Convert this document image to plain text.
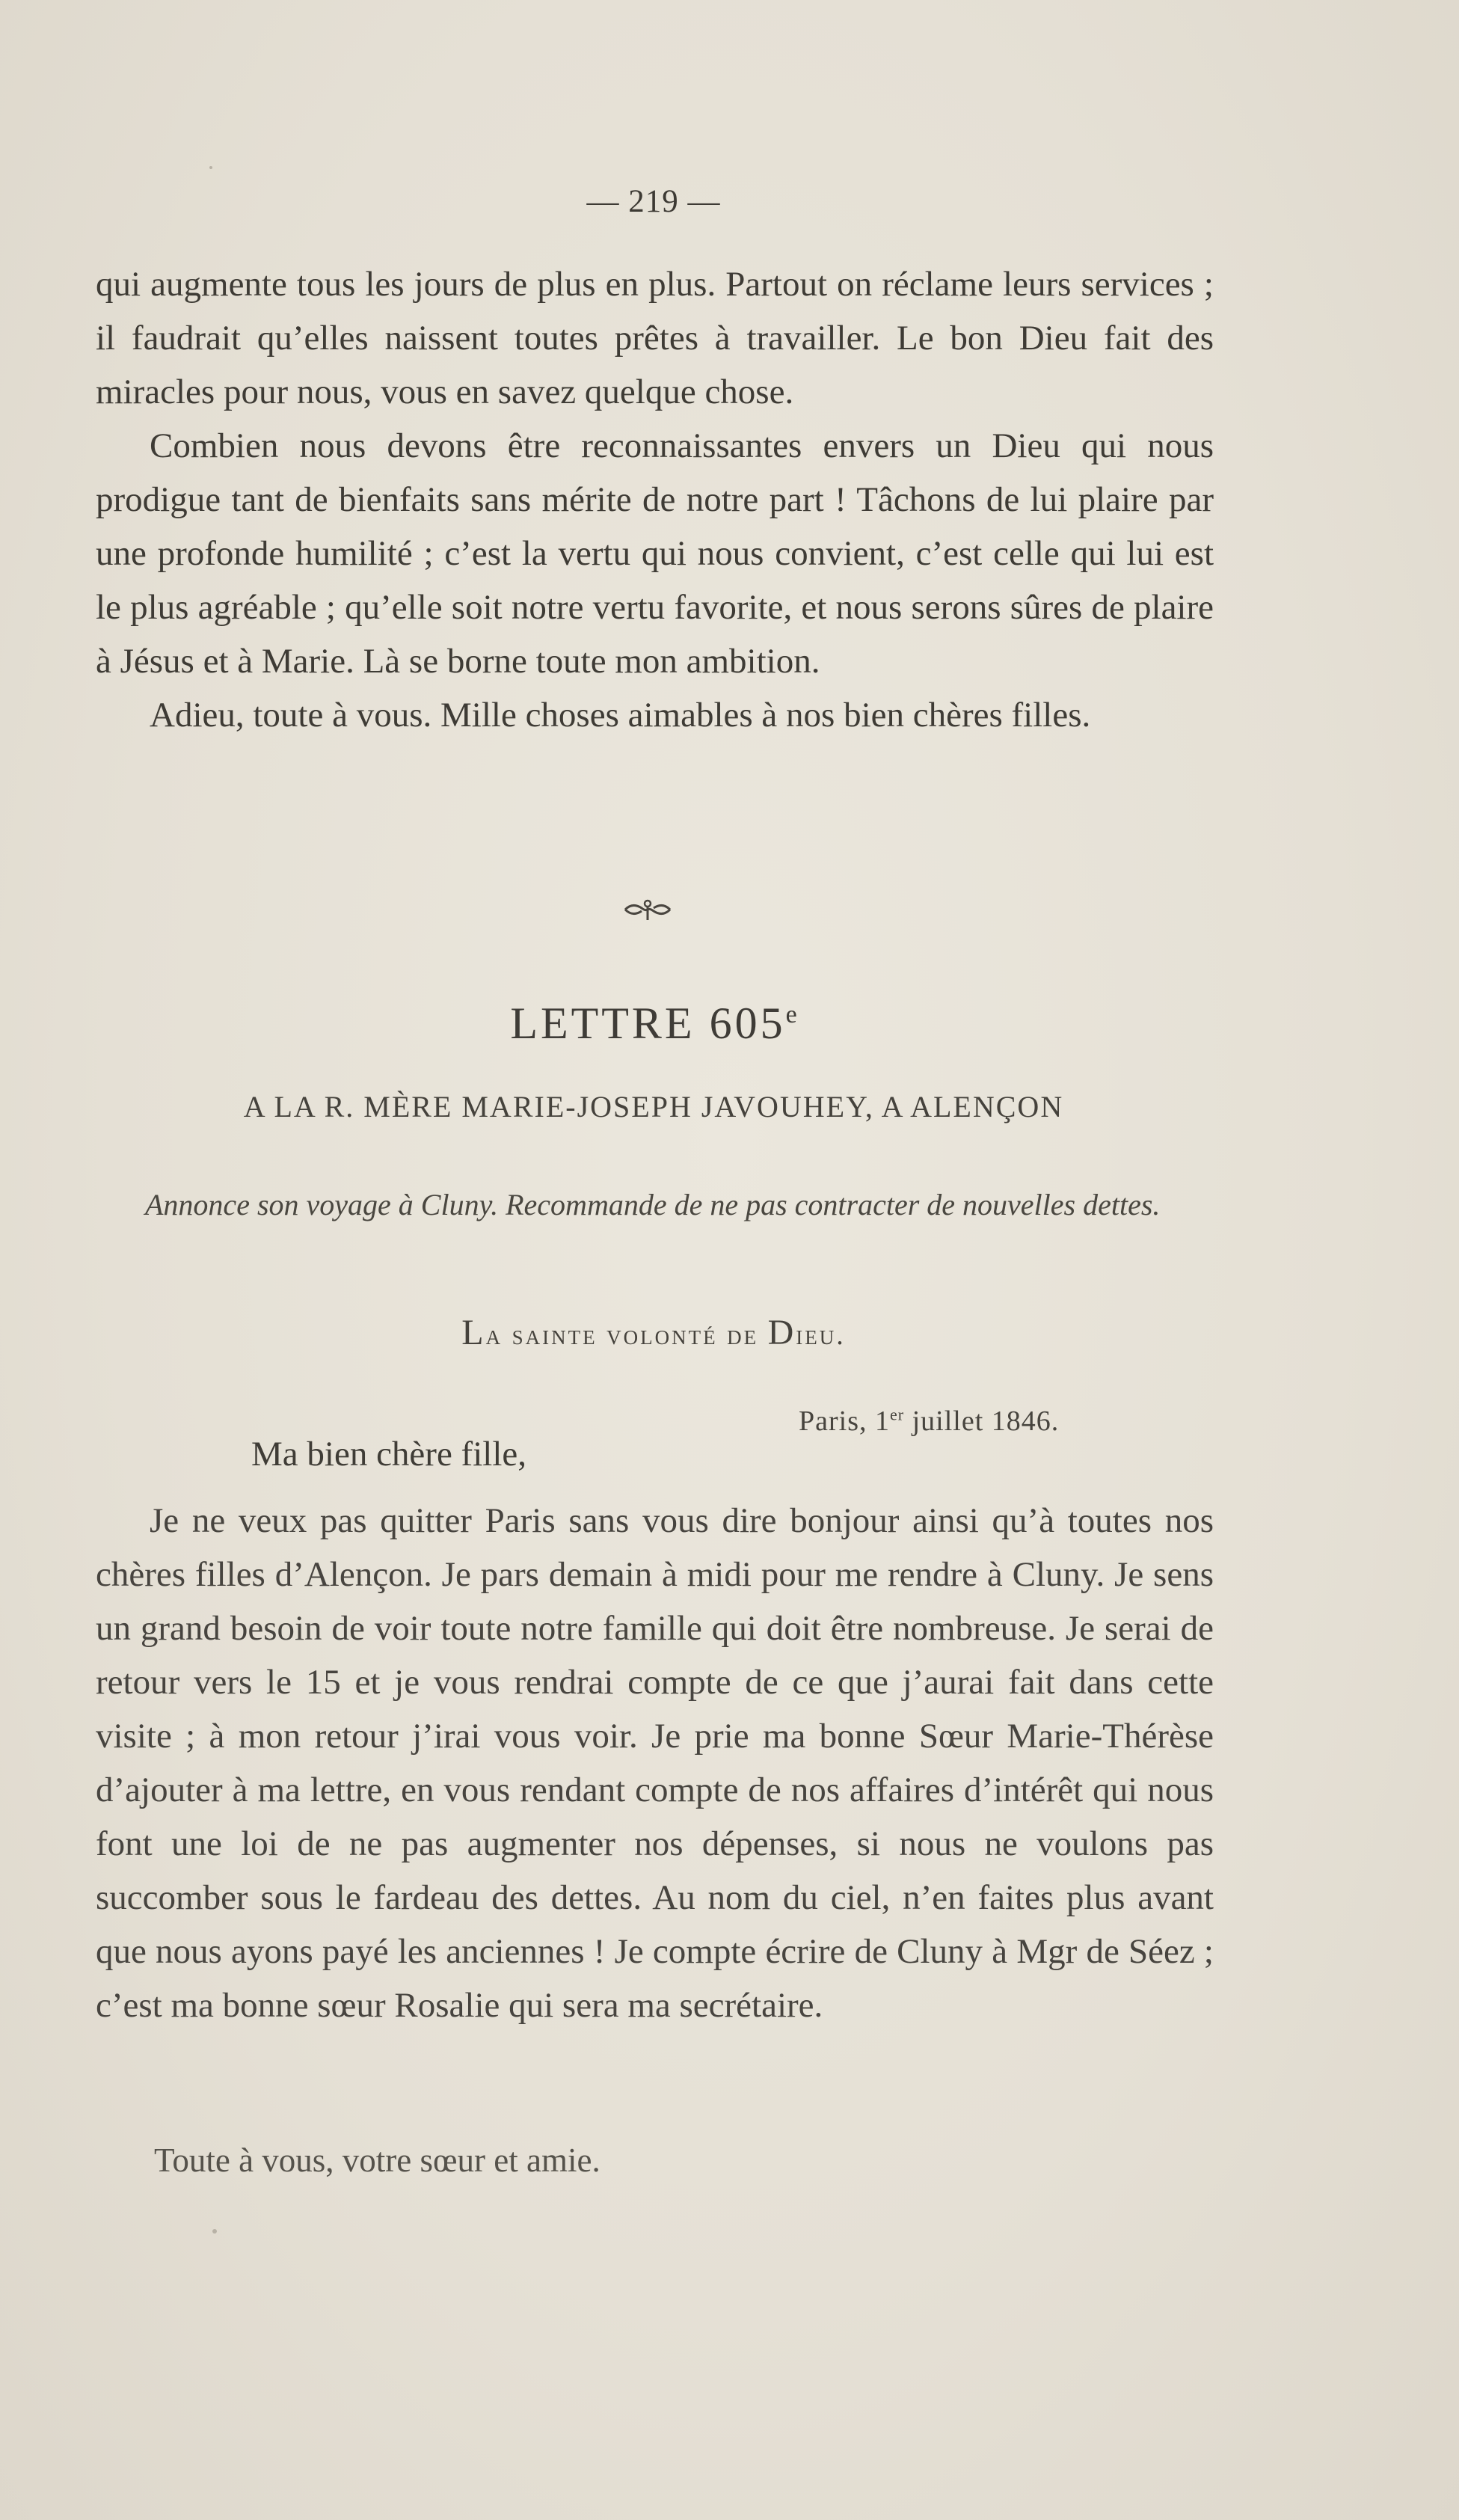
— 219 —

qui augmente tous les jours de plus en plus. Partout on réclame leurs services ; il faudrait qu’elles naissent toutes prêtes à travailler. Le bon Dieu fait des miracles pour nous, vous en savez quelque chose.

Combien nous devons être reconnaissantes envers un Dieu qui nous prodigue tant de bienfaits sans mérite de notre part ! Tâchons de lui plaire par une profonde humilité ; c’est la vertu qui nous convient, c’est celle qui lui est le plus agréable ; qu’elle soit notre vertu favorite, et nous serons sûres de plaire à Jésus et à Marie. Là se borne toute mon ambition.

Adieu, toute à vous. Mille choses aimables à nos bien chères filles.

LETTRE 605e
A LA R. MÈRE MARIE-JOSEPH JAVOUHEY, A ALENÇON

Annonce son voyage à Cluny. Recommande de ne pas contracter de nouvelles dettes.

La sainte volonté de Dieu.
Paris, 1er juillet 1846.
Ma bien chère fille,

Je ne veux pas quitter Paris sans vous dire bonjour ainsi qu’à toutes nos chères filles d’Alençon. Je pars demain à midi pour me rendre à Cluny. Je sens un grand besoin de voir toute notre famille qui doit être nombreuse. Je serai de retour vers le 15 et je vous rendrai compte de ce que j’aurai fait dans cette visite ; à mon retour j’irai vous voir. Je prie ma bonne Sœur Marie-Thérèse d’ajouter à ma lettre, en vous rendant compte de nos affaires d’intérêt qui nous font une loi de ne pas augmenter nos dépenses, si nous ne voulons pas succomber sous le fardeau des dettes. Au nom du ciel, n’en faites plus avant que nous ayons payé les anciennes ! Je compte écrire de Cluny à Mgr de Séez ; c’est ma bonne sœur Rosalie qui sera ma secrétaire.

Toute à vous, votre sœur et amie.
